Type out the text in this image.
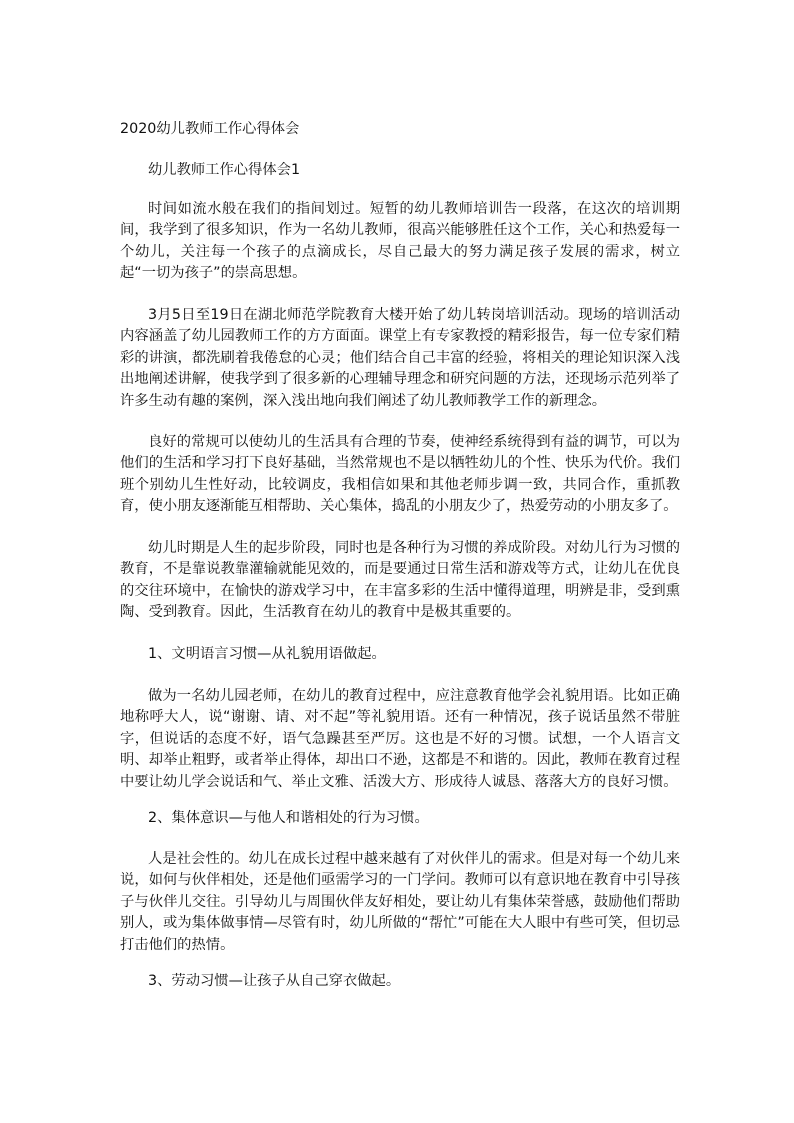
2020幼儿教师工作心得体会
幼儿教师工作心得体会1

时间如流水般在我们的指间划过。短暂的幼儿教师培训告一段落，在这次的培训期间，我学到了很多知识，作为一名幼儿教师，很高兴能够胜任这个工作，关心和热爱每一个幼儿，关注每一个孩子的点滴成长，尽自己最大的努力满足孩子发展的需求，树立起“一切为孩子”的崇高思想。

3月5日至19日在湖北师范学院教育大楼开始了幼儿转岗培训活动。现场的培训活动内容涵盖了幼儿园教师工作的方方面面。课堂上有专家教授的精彩报告，每一位专家们精彩的讲演，都洗刷着我倦怠的心灵；他们结合自己丰富的经验，将相关的理论知识深入浅出地阐述讲解，使我学到了很多新的心理辅导理念和研究问题的方法，还现场示范列举了许多生动有趣的案例，深入浅出地向我们阐述了幼儿教师教学工作的新理念。

良好的常规可以使幼儿的生活具有合理的节奏，使神经系统得到有益的调节，可以为他们的生活和学习打下良好基础，当然常规也不是以牺牲幼儿的个性、快乐为代价。我们班个别幼儿生性好动，比较调皮，我相信如果和其他老师步调一致，共同合作，重抓教育，使小朋友逐渐能互相帮助、关心集体，捣乱的小朋友少了，热爱劳动的小朋友多了。

幼儿时期是人生的起步阶段，同时也是各种行为习惯的养成阶段。对幼儿行为习惯的教育，不是靠说教靠灌输就能见效的，而是要通过日常生活和游戏等方式，让幼儿在优良的交往环境中，在愉快的游戏学习中，在丰富多彩的生活中懂得道理，明辨是非，受到熏陶、受到教育。因此，生活教育在幼儿的教育中是极其重要的。

1、文明语言习惯—从礼貌用语做起。

做为一名幼儿园老师，在幼儿的教育过程中，应注意教育他学会礼貌用语。比如正确地称呼大人，说“谢谢、请、对不起”等礼貌用语。还有一种情况，孩子说话虽然不带脏字，但说话的态度不好，语气急躁甚至严厉。这也是不好的习惯。试想，一个人语言文明、却举止粗野，或者举止得体，却出口不逊，这都是不和谐的。因此，教师在教育过程中要让幼儿学会说话和气、举止文雅、活泼大方、形成待人诚恳、落落大方的良好习惯。

2、集体意识—与他人和谐相处的行为习惯。

人是社会性的。幼儿在成长过程中越来越有了对伙伴儿的需求。但是对每一个幼儿来说，如何与伙伴相处，还是他们亟需学习的一门学问。教师可以有意识地在教育中引导孩子与伙伴儿交往。引导幼儿与周围伙伴友好相处，要让幼儿有集体荣誉感，鼓励他们帮助别人，或为集体做事情—尽管有时，幼儿所做的“帮忙”可能在大人眼中有些可笑，但切忌打击他们的热情。

3、劳动习惯—让孩子从自己穿衣做起。
